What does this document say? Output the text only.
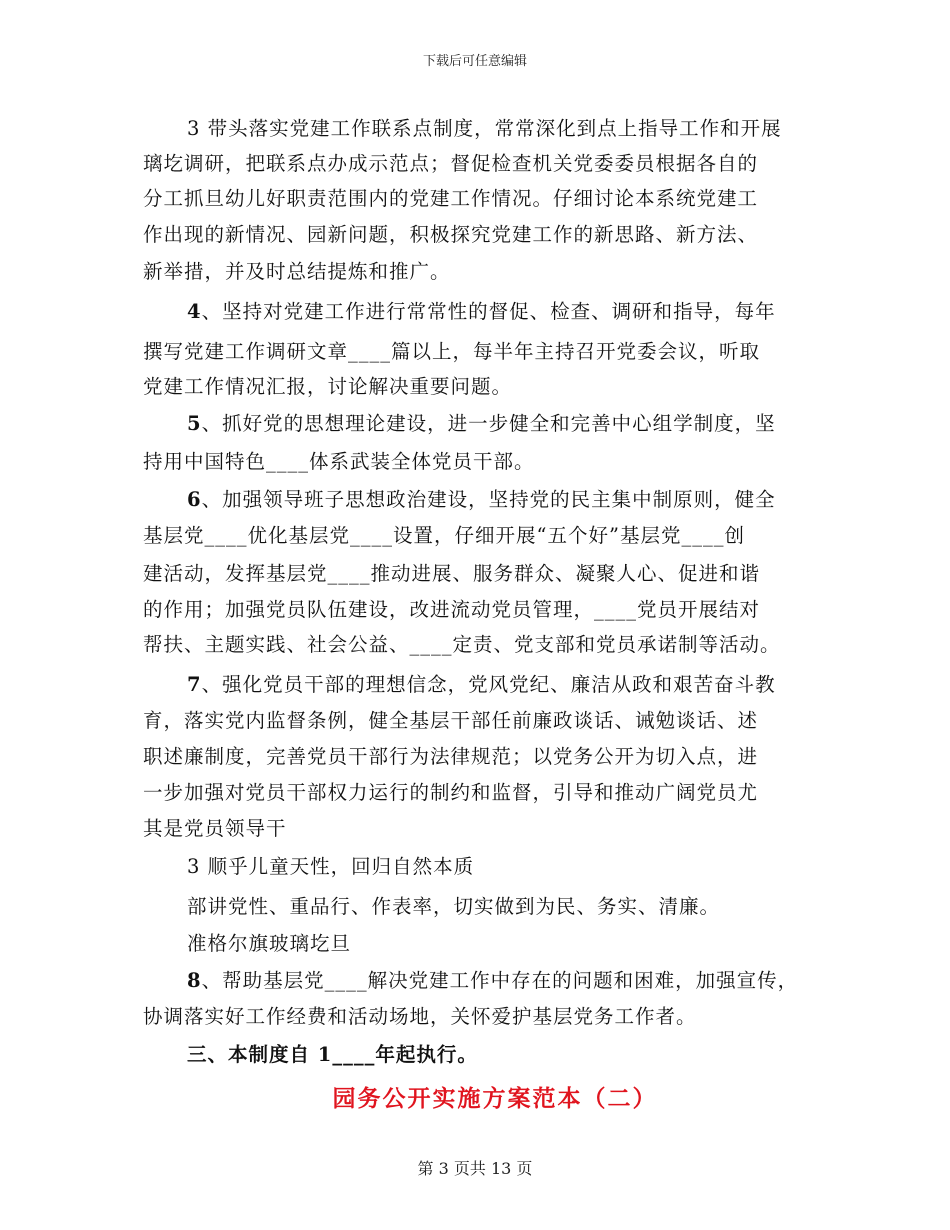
下载后可任意编辑
3 带头落实党建工作联系点制度，常常深化到点上指导工作和开展
璃圪调研，把联系点办成示范点；督促检查机关党委委员根据各自的
分工抓旦幼儿好职责范围内的党建工作情况。仔细讨论本系统党建工
作出现的新情况、园新问题，积极探究党建工作的新思路、新方法、
新举措，并及时总结提炼和推广。
4、坚持对党建工作进行常常性的督促、检查、调研和指导，每年
撰写党建工作调研文章____篇以上，每半年主持召开党委会议，听取
党建工作情况汇报，讨论解决重要问题。
5、抓好党的思想理论建设，进一步健全和完善中心组学制度，坚
持用中国特色____体系武装全体党员干部。
6、加强领导班子思想政治建设，坚持党的民主集中制原则，健全
基层党____优化基层党____设置，仔细开展“五个好”基层党____创
建活动，发挥基层党____推动进展、服务群众、凝聚人心、促进和谐
的作用；加强党员队伍建设，改进流动党员管理，____党员开展结对
帮扶、主题实践、社会公益、____定责、党支部和党员承诺制等活动。
7、强化党员干部的理想信念，党风党纪、廉洁从政和艰苦奋斗教
育，落实党内监督条例，健全基层干部任前廉政谈话、诫勉谈话、述
职述廉制度，完善党员干部行为法律规范；以党务公开为切入点，进
一步加强对党员干部权力运行的制约和监督，引导和推动广阔党员尤
其是党员领导干
3 顺乎儿童天性，回归自然本质
部讲党性、重品行、作表率，切实做到为民、务实、清廉。
准格尔旗玻璃圪旦
8、帮助基层党____解决党建工作中存在的问题和困难，加强宣传，
协调落实好工作经费和活动场地，关怀爱护基层党务工作者。
三、本制度自 1____年起执行。
园务公开实施方案范本（二）
第 3 页共 13 页
